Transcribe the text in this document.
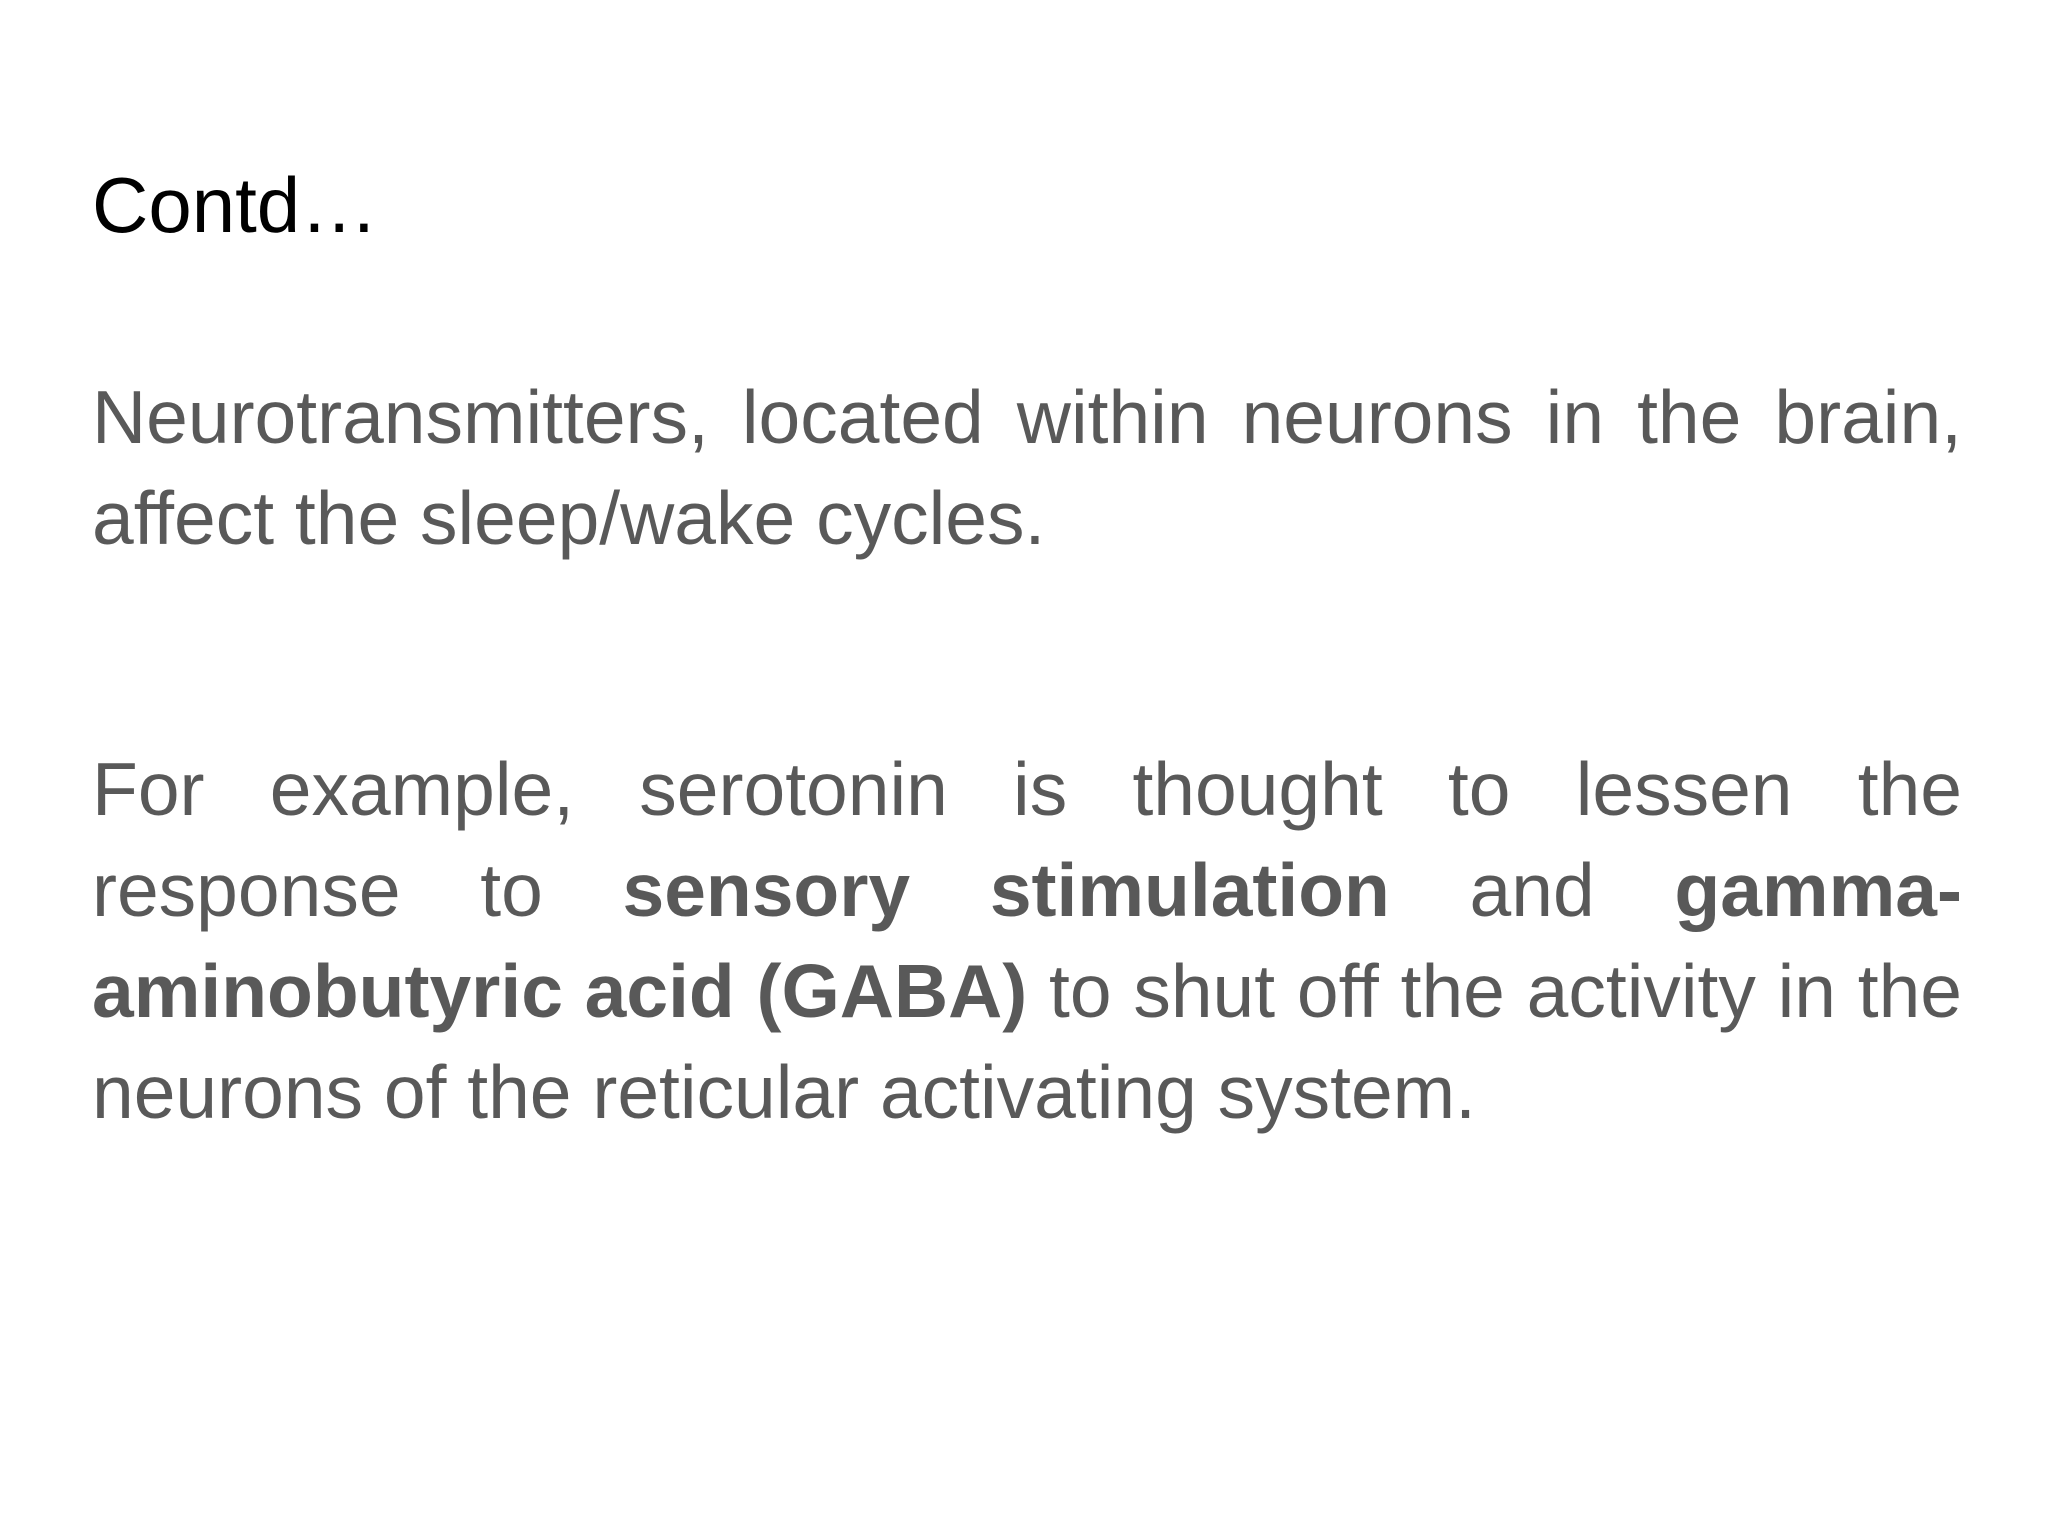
Contd…

Neurotransmitters, located within neurons in the brain, affect the sleep/wake cycles.

For example, serotonin is thought to lessen the response to sensory stimulation and gamma-aminobutyric acid (GABA) to shut off the activity in the neurons of the reticular activating system.
